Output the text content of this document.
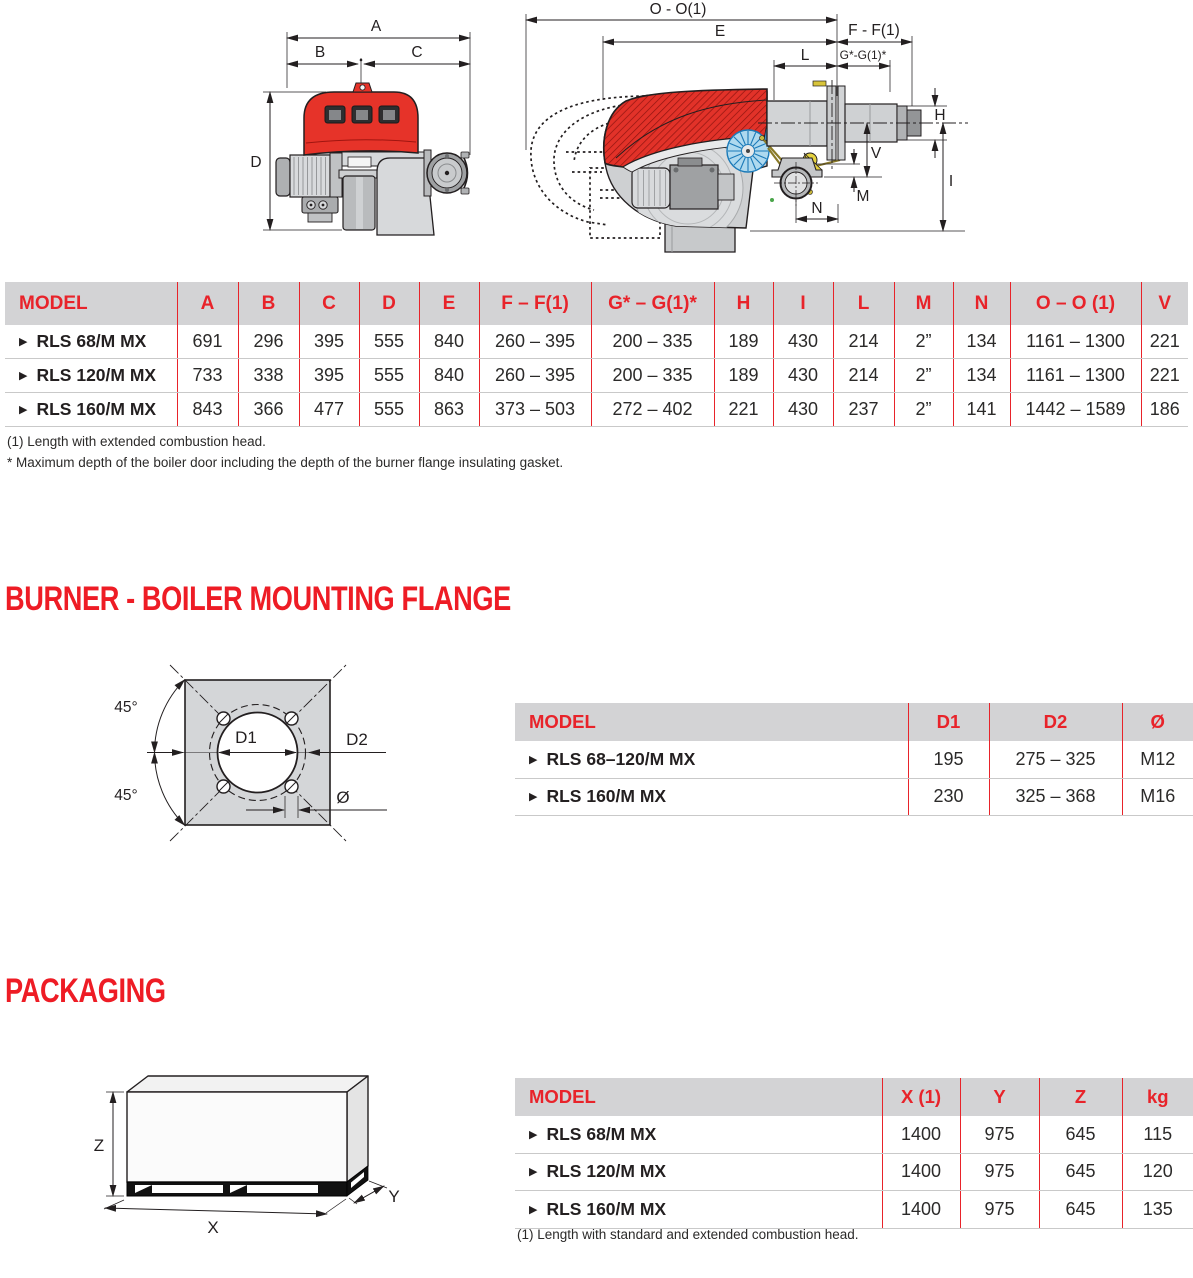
A
B	C
D
O - O(1)
E	F - F(1)
L	G*-G(1)*
H
V
I
M
N
MODEL	A	B	C	D	E	F – F(1)	G* – G(1)*	H	I	L	M	N	O – O (1)	V
▶ RLS 68/M MX	691	296	395	555	840	260 – 395	200 – 335	189	430	214	2”	134	1161 – 1300	221
▶ RLS 120/M MX	733	338	395	555	840	260 – 395	200 – 335	189	430	214	2”	134	1161 – 1300	221
▶ RLS 160/M MX	843	366	477	555	863	373 – 503	272 – 402	221	430	237	2”	141	1442 – 1589	186
(1) Length with extended combustion head.
* Maximum depth of the boiler door including the depth of the burner flange insulating gasket.
BURNER - BOILER MOUNTING FLANGE
45°
45°
D1	D2
Ø
MODEL	D1	D2	Ø
▶ RLS 68–120/M MX	195	275 – 325	M12
▶ RLS 160/M MX	230	325 – 368	M16
PACKAGING
Z
X
Y
MODEL	X (1)	Y	Z	kg
▶ RLS 68/M MX	1400	975	645	115
▶ RLS 120/M MX	1400	975	645	120
▶ RLS 160/M MX	1400	975	645	135
(1) Length with standard and extended combustion head.
